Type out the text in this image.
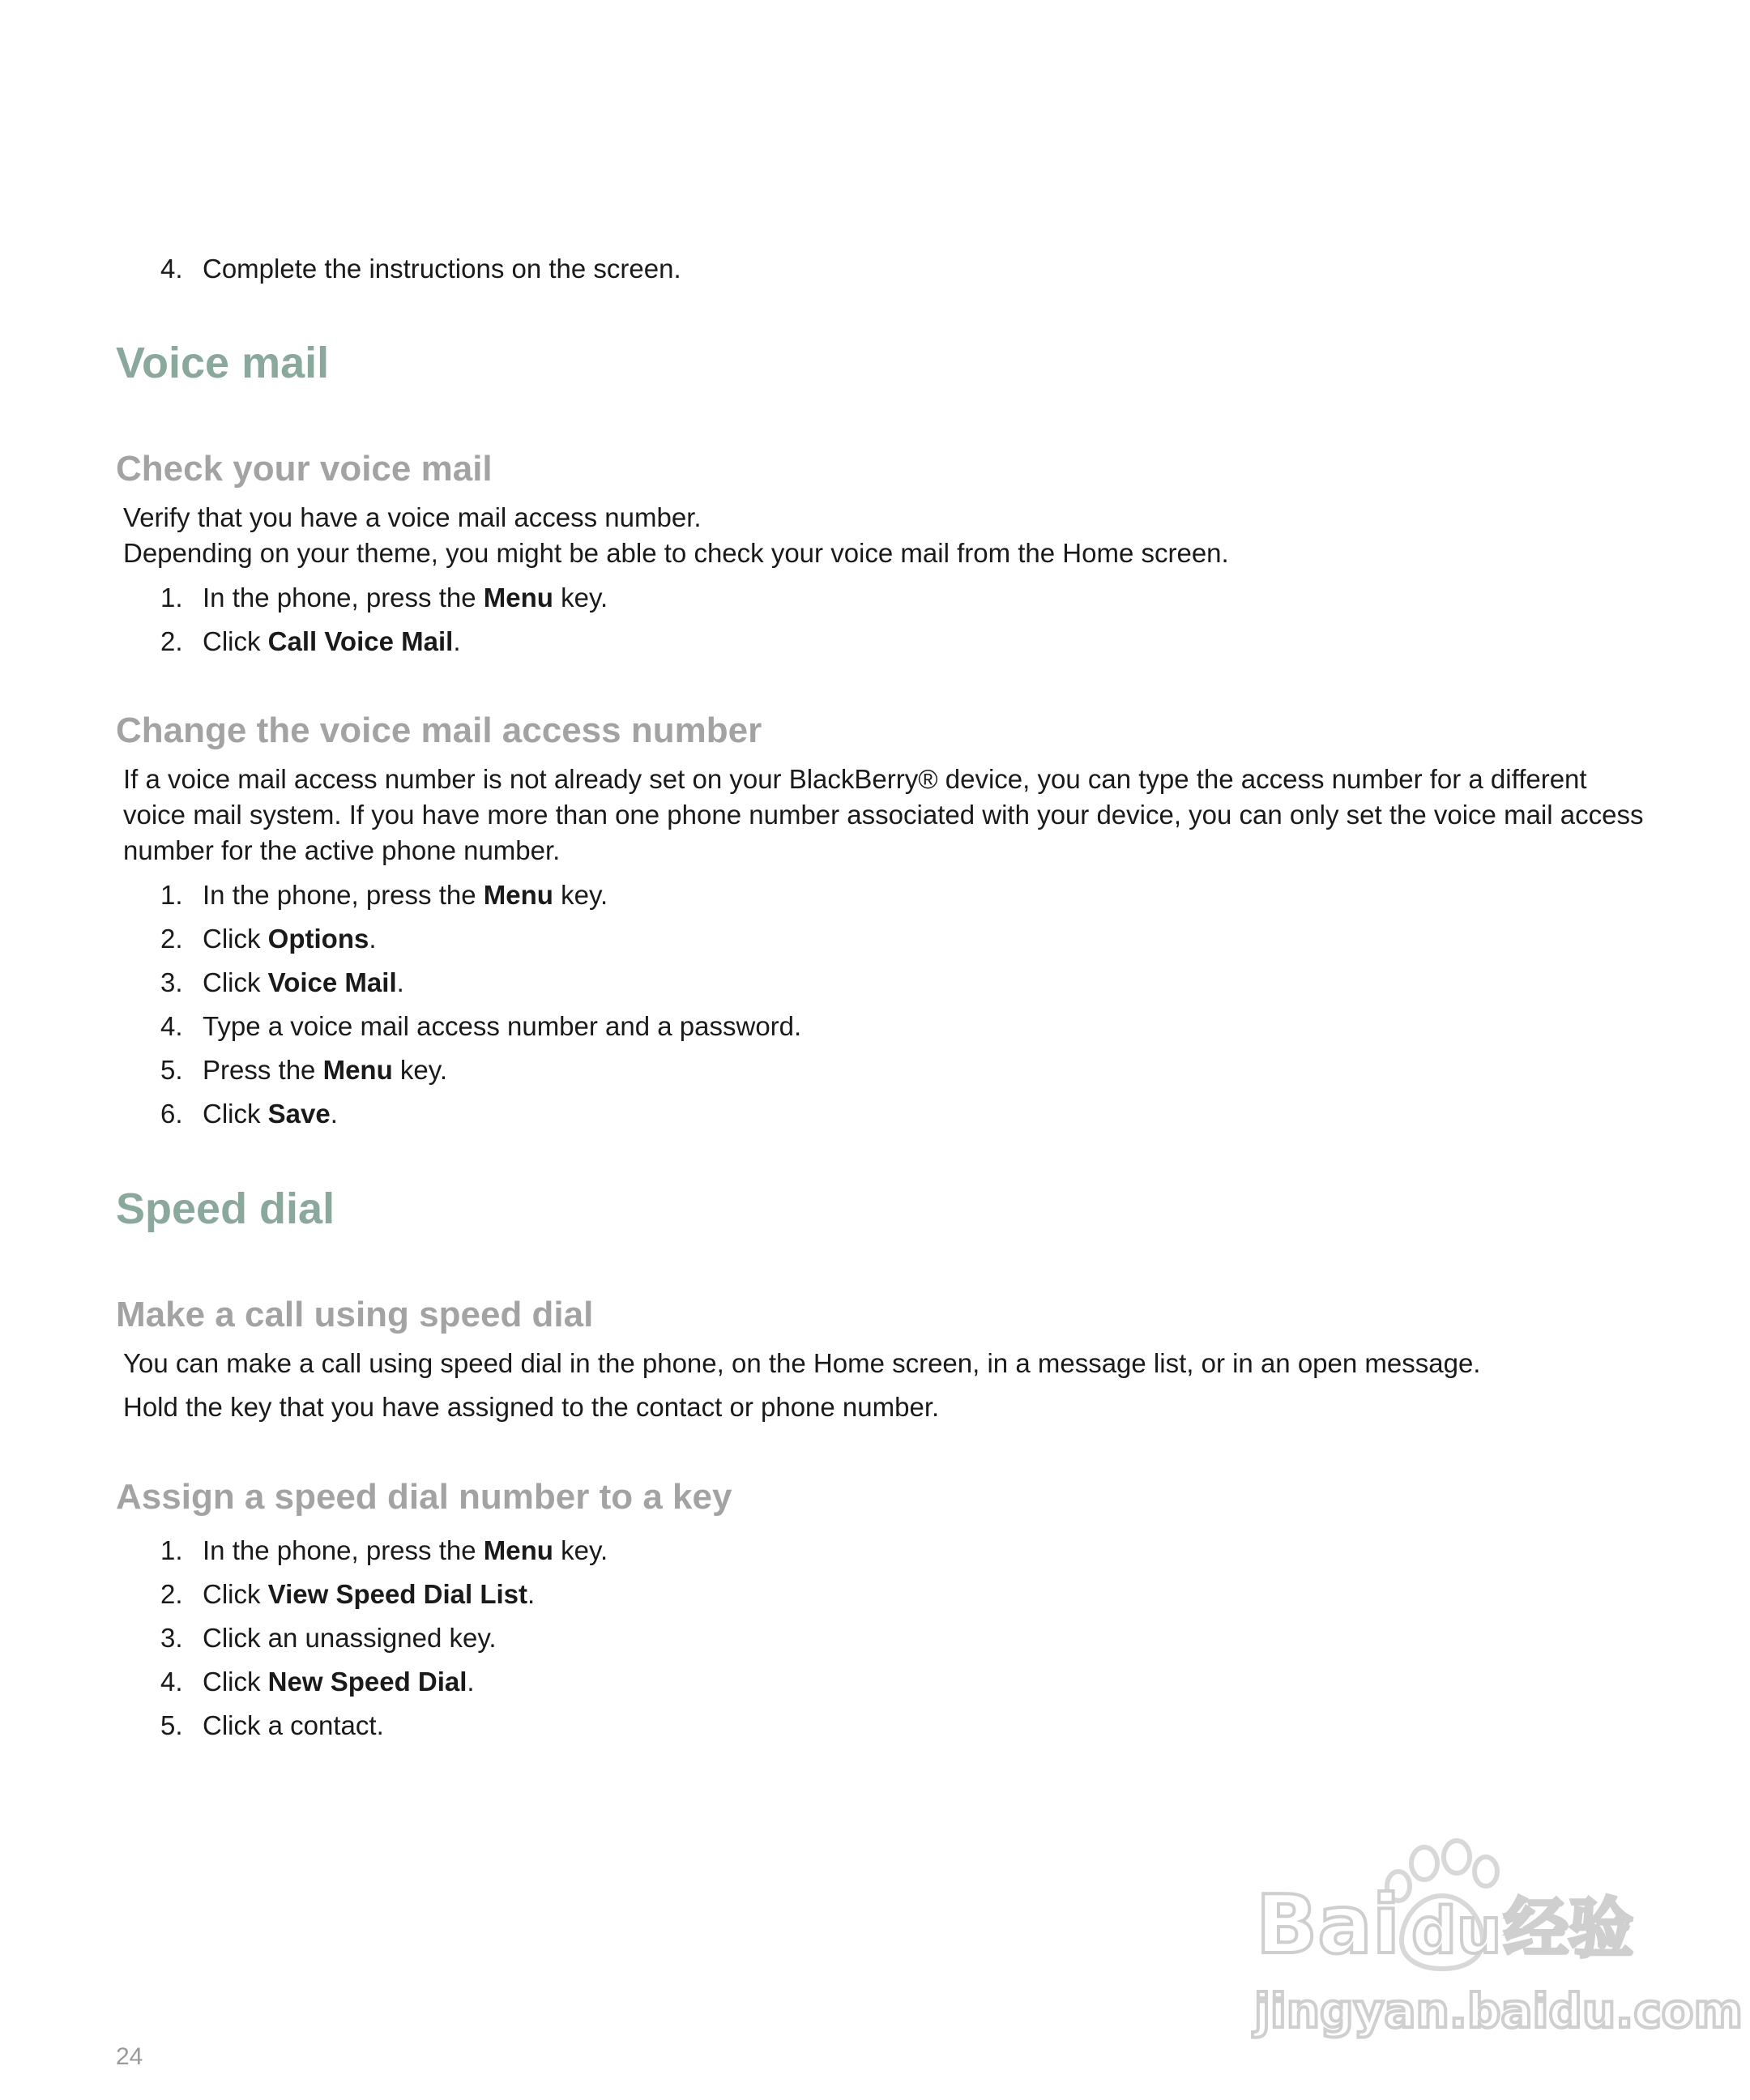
4. Complete the instructions on the screen.
Voice mail
Check your voice mail

Verify that you have a voice mail access number.

Depending on your theme, you might be able to check your voice mail from the Home screen.

1. In the phone, press the Menu key.
2. Click Call Voice Mail.
Change the voice mail access number

If a voice mail access number is not already set on your BlackBerry® device, you can type the access number for a different voice mail system. If you have more than one phone number associated with your device, you can only set the voice mail access number for the active phone number.

1. In the phone, press the Menu key.
2. Click Options.
3. Click Voice Mail.
4. Type a voice mail access number and a password.
5. Press the Menu key.
6. Click Save.
Speed dial
Make a call using speed dial

You can make a call using speed dial in the phone, on the Home screen, in a message list, or in an open message.

Hold the key that you have assigned to the contact or phone number.

Assign a speed dial number to a key
1. In the phone, press the Menu key.
2. Click View Speed Dial List.
3. Click an unassigned key.
4. Click New Speed Dial.
5. Click a contact.
Bai du 经验
jingyan.baidu.com
24
